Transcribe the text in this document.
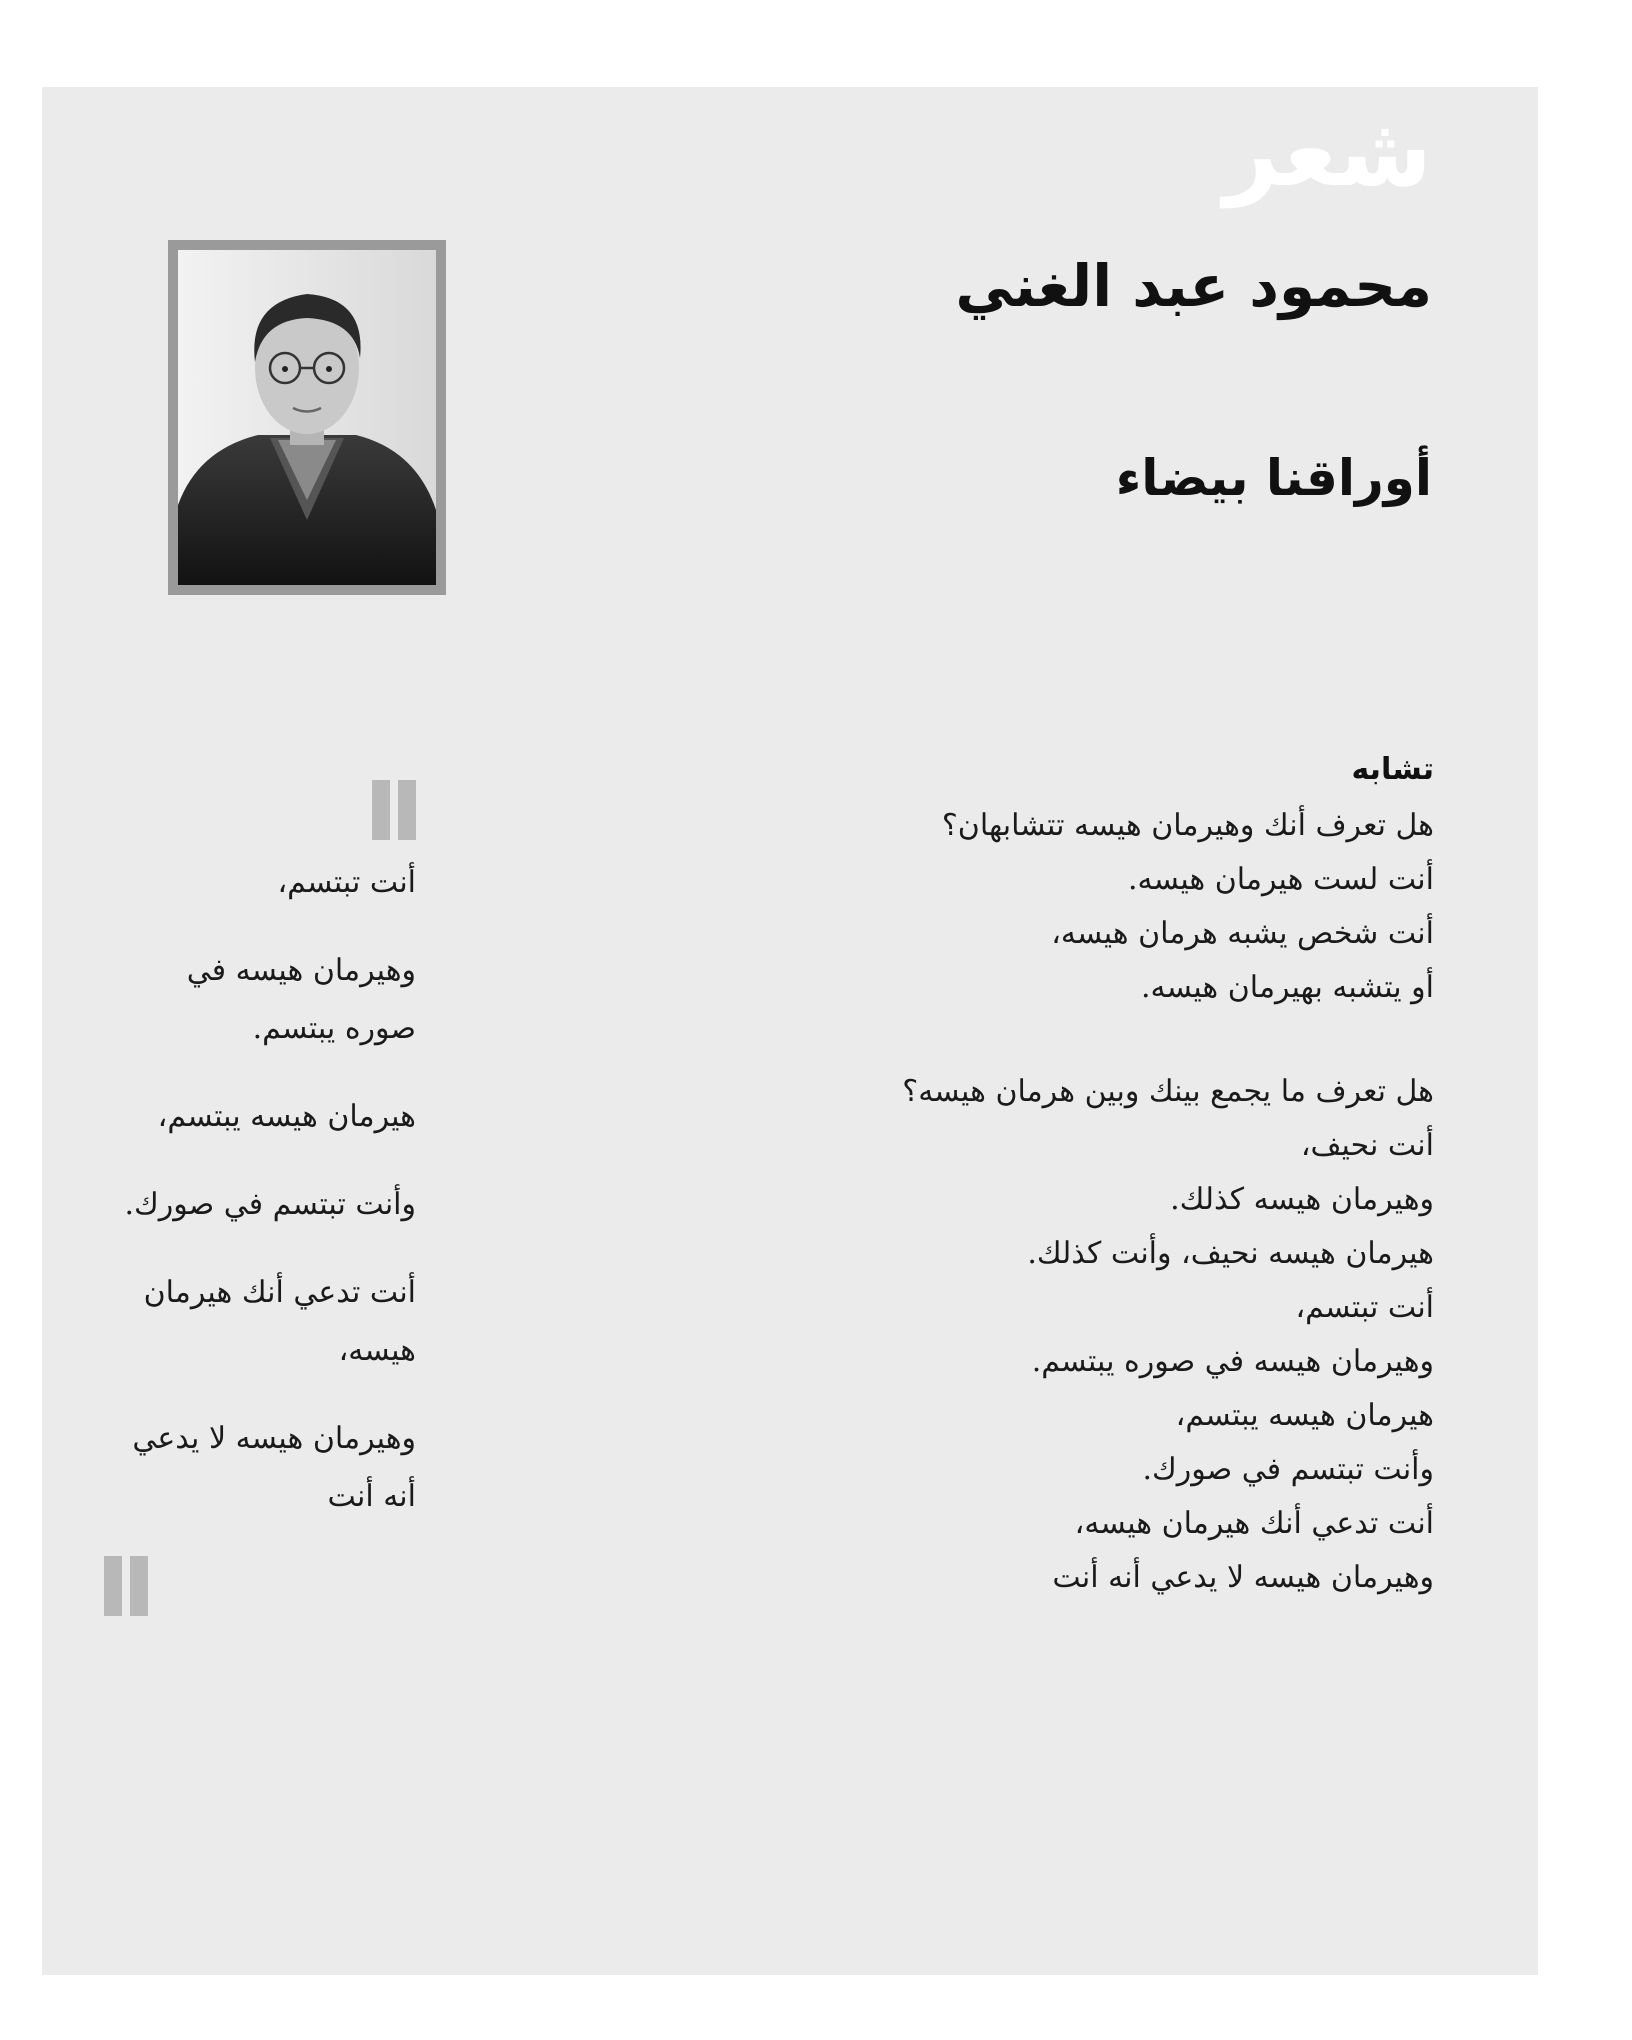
شعر
محمود عبد الغني
أوراقنا بيضاء
تشابه
هل تعرف أنك وهيرمان هيسه تتشابهان؟
أنت لست هيرمان هيسه.
أنت شخص يشبه هرمان هيسه،
أو يتشبه بهيرمان هيسه.
هل تعرف ما يجمع بينك وبين هرمان هيسه؟
أنت نحيف،
وهيرمان هيسه كذلك.
هيرمان هيسه نحيف، وأنت كذلك.
أنت تبتسم،
وهيرمان هيسه في صوره يبتسم.
هيرمان هيسه يبتسم،
وأنت تبتسم في صورك.
أنت تدعي أنك هيرمان هيسه،
وهيرمان هيسه لا يدعي أنه أنت
أنت تبتسم،
وهيرمان هيسه في صوره يبتسم.
هيرمان هيسه يبتسم،
وأنت تبتسم في صورك.
أنت تدعي أنك هيرمان هيسه،
وهيرمان هيسه لا يدعي أنه أنت
